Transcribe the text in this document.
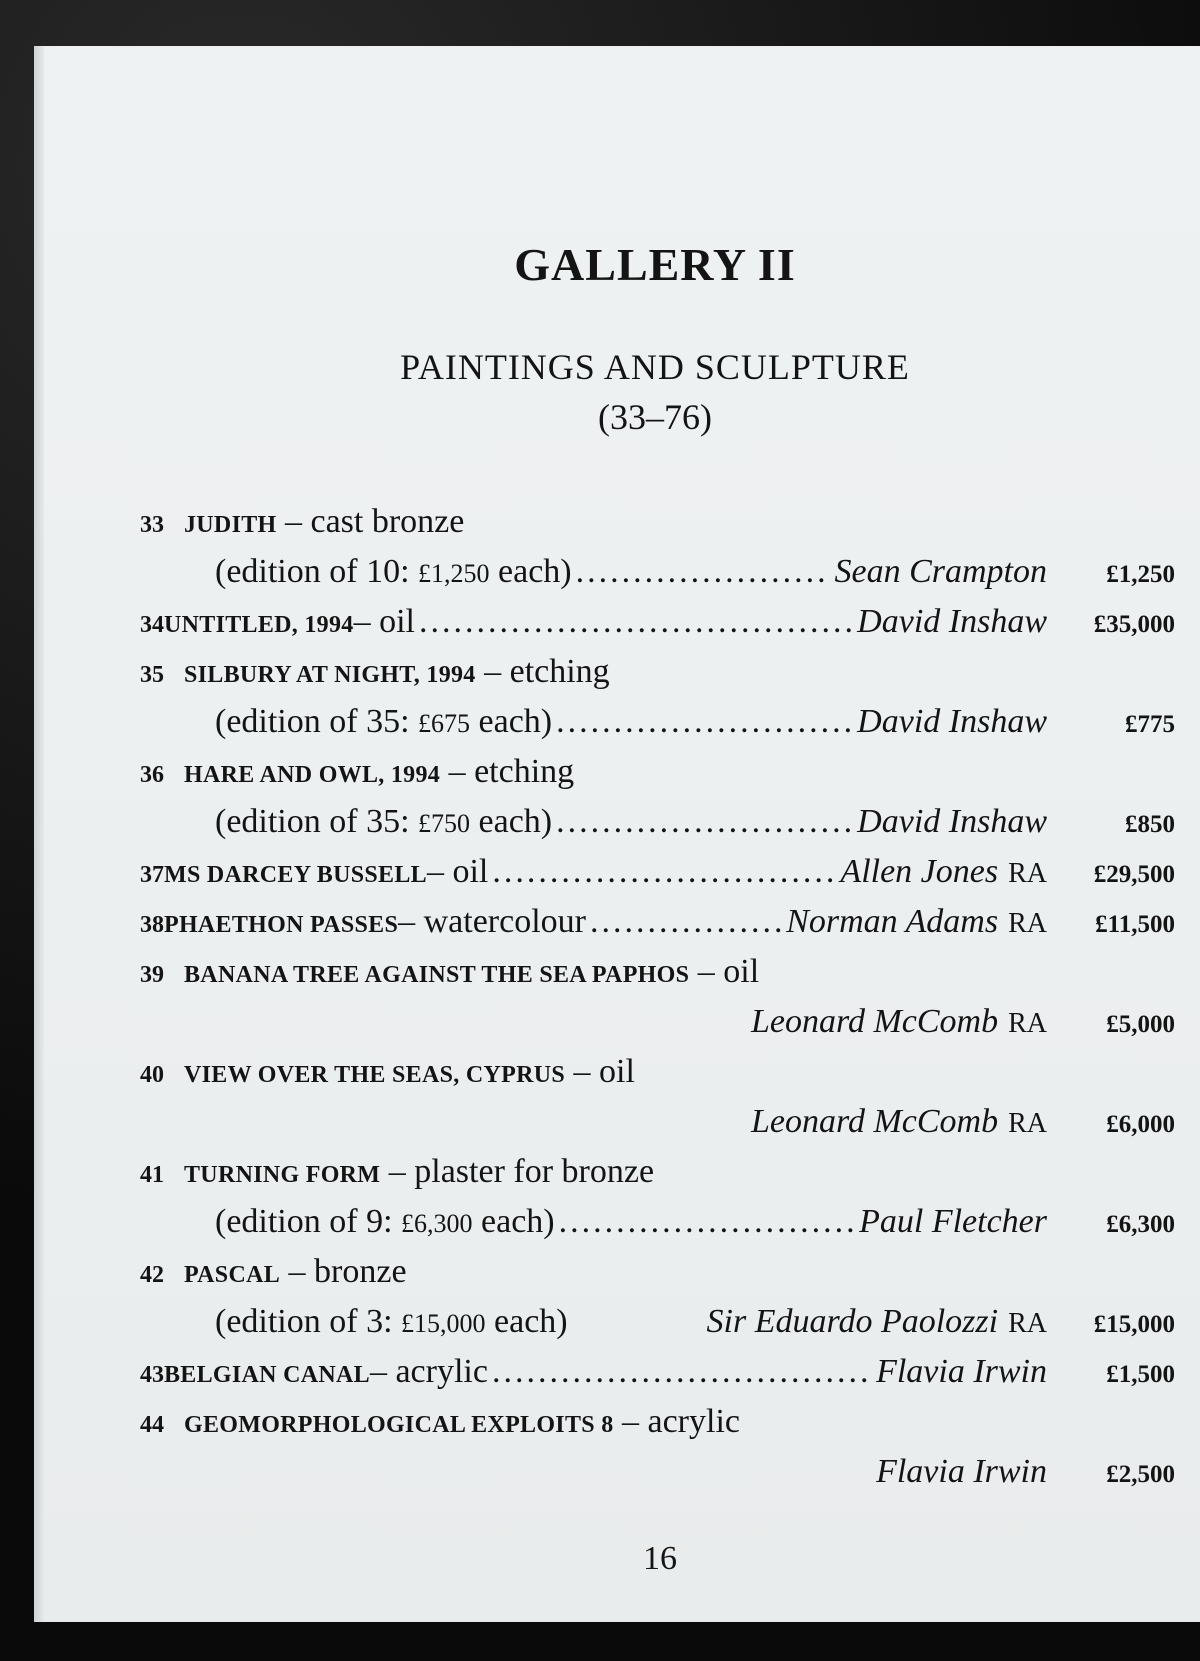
GALLERY II
PAINTINGS AND SCULPTURE
(33–76)
33 JUDITH – cast bronze
(edition of 10: £1,250 each) .....	Sean Crampton	£1,250
34 UNTITLED, 1994 – oil .....	David Inshaw	£35,000
35 SILBURY AT NIGHT, 1994 – etching
(edition of 35: £675 each) .....	David Inshaw	£775
36 HARE AND OWL, 1994 – etching
(edition of 35: £750 each) .....	David Inshaw	£850
37 MS DARCEY BUSSELL – oil .....	Allen Jones RA	£29,500
38 PHAETHON PASSES – watercolour .....	Norman Adams RA	£11,500
39 BANANA TREE AGAINST THE SEA PAPHOS – oil
Leonard McComb RA	£5,000
40 VIEW OVER THE SEAS, CYPRUS – oil
Leonard McComb RA	£6,000
41 TURNING FORM – plaster for bronze
(edition of 9: £6,300 each) .....	Paul Fletcher	£6,300
42 PASCAL – bronze
(edition of 3: £15,000 each)	Sir Eduardo Paolozzi RA	£15,000
43 BELGIAN CANAL – acrylic .....	Flavia Irwin	£1,500
44 GEOMORPHOLOGICAL EXPLOITS 8 – acrylic
Flavia Irwin	£2,500
16
